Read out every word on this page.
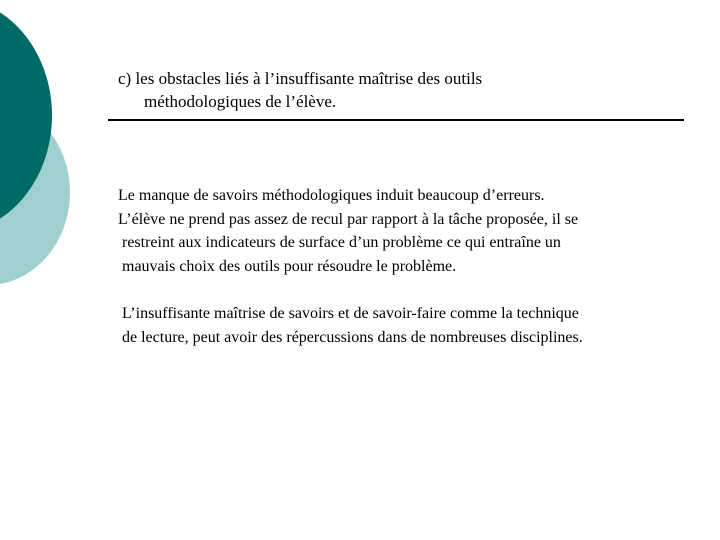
c) les obstacles liés à l’insuffisante maîtrise des outils
méthodologiques de l’élève.

Le manque de savoirs méthodologiques induit beaucoup d’erreurs.
L’élève ne prend pas assez de recul par rapport à la tâche proposée, il se
restreint aux indicateurs de surface d’un problème ce qui entraîne un
mauvais choix des outils pour résoudre le problème.

L’insuffisante maîtrise de savoirs et de savoir-faire comme la technique
de lecture, peut avoir des répercussions dans de nombreuses disciplines.
